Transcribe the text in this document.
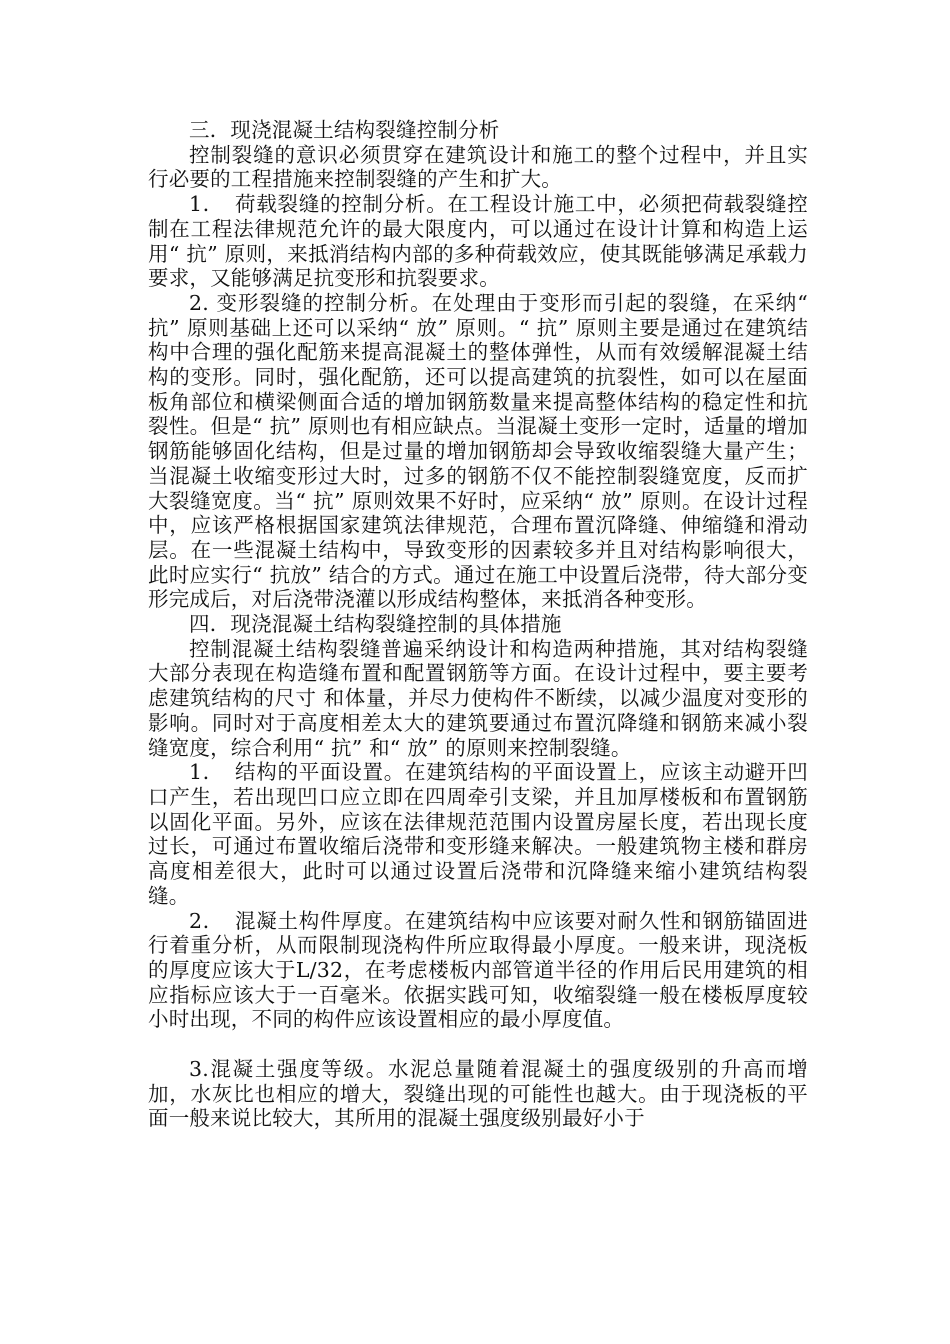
三．现浇混凝土结构裂缝控制分析

控制裂缝的意识必须贯穿在建筑设计和施工的整个过程中，并且实行必要的工程措施来控制裂缝的产生和扩大。

1．　荷载裂缝的控制分析。在工程设计施工中，必须把荷载裂缝控制在工程法律规范允许的最大限度内，可以通过在设计计算和构造上运用“ 抗” 原则，来抵消结构内部的多种荷载效应，使其既能够满足承载力要求，又能够满足抗变形和抗裂要求。

2. 变形裂缝的控制分析。在处理由于变形而引起的裂缝，在采纳“ 抗” 原则基础上还可以采纳“ 放” 原则。“ 抗” 原则主要是通过在建筑结构中合理的强化配筋来提高混凝土的整体弹性，从而有效缓解混凝土结构的变形。同时，强化配筋，还可以提高建筑的抗裂性，如可以在屋面板角部位和横梁侧面合适的增加钢筋数量来提高整体结构的稳定性和抗裂性。但是“ 抗” 原则也有相应缺点。当混凝土变形一定时，适量的增加钢筋能够固化结构，但是过量的增加钢筋却会导致收缩裂缝大量产生；当混凝土收缩变形过大时，过多的钢筋不仅不能控制裂缝宽度，反而扩大裂缝宽度。当“ 抗” 原则效果不好时，应采纳“ 放” 原则。在设计过程中，应该严格根据国家建筑法律规范，合理布置沉降缝、伸缩缝和滑动层。在一些混凝土结构中，导致变形的因素较多并且对结构影响很大，此时应实行“ 抗放” 结合的方式。通过在施工中设置后浇带，待大部分变形完成后，对后浇带浇灌以形成结构整体，来抵消各种变形。

四．现浇混凝土结构裂缝控制的具体措施

控制混凝土结构裂缝普遍采纳设计和构造两种措施，其对结构裂缝大部分表现在构造缝布置和配置钢筋等方面。在设计过程中，要主要考虑建筑结构的尺寸 和体量，并尽力使构件不断续，以减少温度对变形的影响。同时对于高度相差太大的建筑要通过布置沉降缝和钢筋来减小裂缝宽度，综合利用“ 抗” 和“ 放” 的原则来控制裂缝。

1．　结构的平面设置。在建筑结构的平面设置上，应该主动避开凹口产生，若出现凹口应立即在四周牵引支梁，并且加厚楼板和布置钢筋以固化平面。另外，应该在法律规范范围内设置房屋长度，若出现长度过长，可通过布置收缩后浇带和变形缝来解决。一般建筑物主楼和群房高度相差很大，此时可以通过设置后浇带和沉降缝来缩小建筑结构裂缝。

2．　混凝土构件厚度。在建筑结构中应该要对耐久性和钢筋锚固进行着重分析，从而限制现浇构件所应取得最小厚度。一般来讲，现浇板的厚度应该大于L/32，在考虑楼板内部管道半径的作用后民用建筑的相应指标应该大于一百毫米。依据实践可知，收缩裂缝一般在楼板厚度较小时出现，不同的构件应该设置相应的最小厚度值。

3.混凝土强度等级。水泥总量随着混凝土的强度级别的升高而增加，水灰比也相应的增大，裂缝出现的可能性也越大。由于现浇板的平面一般来说比较大，其所用的混凝土强度级别最好小于
